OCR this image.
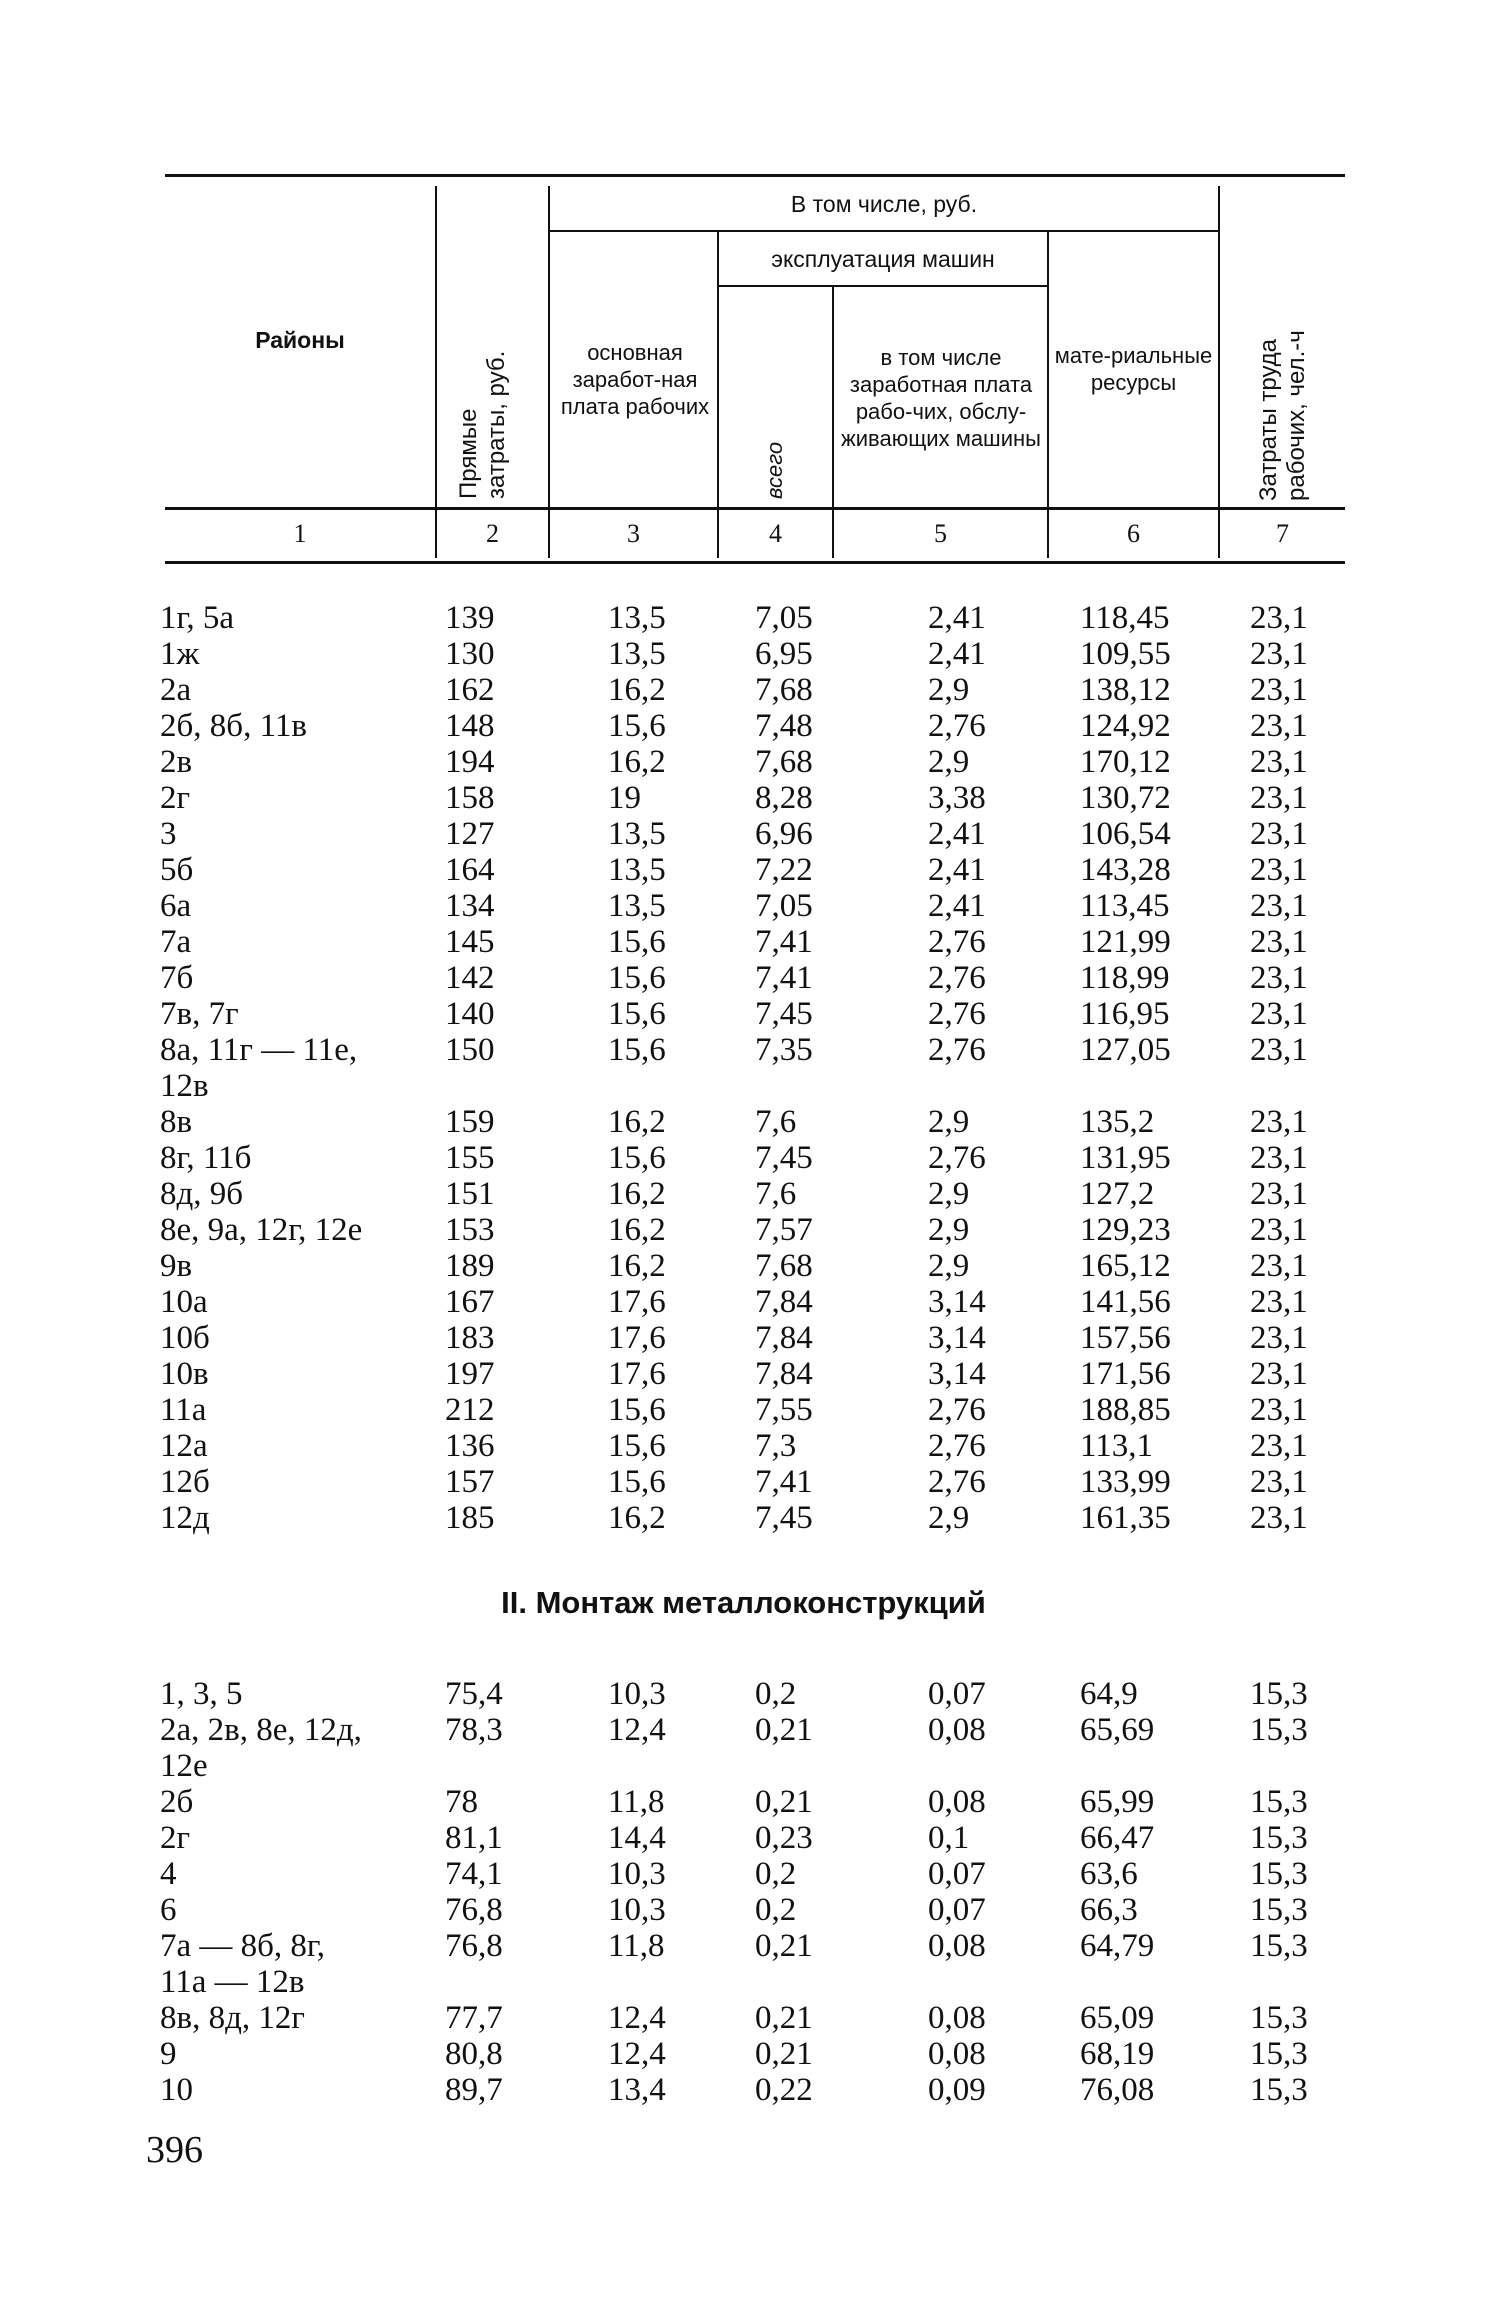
Районы
Прямые
затраты, руб.
В том числе, руб.
основная заработ-ная плата рабочих
эксплуатация машин
всего
в том числе заработная плата рабо-чих, обслу-живающих машины
мате-риальные ресурсы
Затраты труда
рабочих, чел.-ч
1	2	3	4	5	6	7
1г, 5а	139	13,5	7,05	2,41	118,45 23,1
1ж	130	13,5	6,95	2,41	109,55 23,1
2а	162	16,2	7,68	2,9	138,12 23,1
2б, 8б, 11в	148	15,6	7,48	2,76	124,92 23,1
2в	194	16,2	7,68	2,9	170,12 23,1
2г	158	19	8,28	3,38	130,72 23,1
3	127	13,5	6,96	2,41	106,54 23,1
5б	164	13,5	7,22	2,41	143,28 23,1
6а	134	13,5	7,05	2,41	113,45 23,1
7а	145	15,6	7,41	2,76	121,99 23,1
7б	142	15,6	7,41	2,76	118,99 23,1
7в, 7г	140	15,6	7,45	2,76	116,95 23,1
8а, 11г — 11е,	150	15,6	7,35	2,76	127,05 23,1
12в
8в	159	16,2	7,6	2,9	135,2	23,1
8г, 11б	155	15,6	7,45	2,76	131,95 23,1
8д, 9б	151	16,2	7,6	2,9	127,2	23,1
8е, 9а, 12г, 12е	153	16,2	7,57	2,9	129,23 23,1
9в	189	16,2	7,68	2,9	165,12 23,1
10а	167	17,6	7,84	3,14	141,56 23,1
10б	183	17,6	7,84	3,14	157,56 23,1
10в	197	17,6	7,84	3,14	171,56 23,1
11а	212	15,6	7,55	2,76	188,85 23,1
12а	136	15,6	7,3	2,76	113,1	23,1
12б	157	15,6	7,41	2,76	133,99 23,1
12д	185	16,2	7,45	2,9	161,35 23,1
II. Монтаж металлоконструкций
1, 3, 5	75,4	10,3	0,2	0,07	64,9	15,3
2а, 2в, 8е, 12д,	78,3	12,4	0,21	0,08	65,69	15,3
12е
2б	78	11,8	0,21	0,08	65,99	15,3
2г	81,1	14,4	0,23	0,1	66,47	15,3
4	74,1	10,3	0,2	0,07	63,6	15,3
6	76,8	10,3	0,2	0,07	66,3	15,3
7а — 8б, 8г,	76,8	11,8	0,21	0,08	64,79	15,3
11а — 12в
8в, 8д, 12г	77,7	12,4	0,21	0,08	65,09	15,3
9	80,8	12,4	0,21	0,08	68,19	15,3
10	89,7	13,4	0,22	0,09	76,08	15,3
396
